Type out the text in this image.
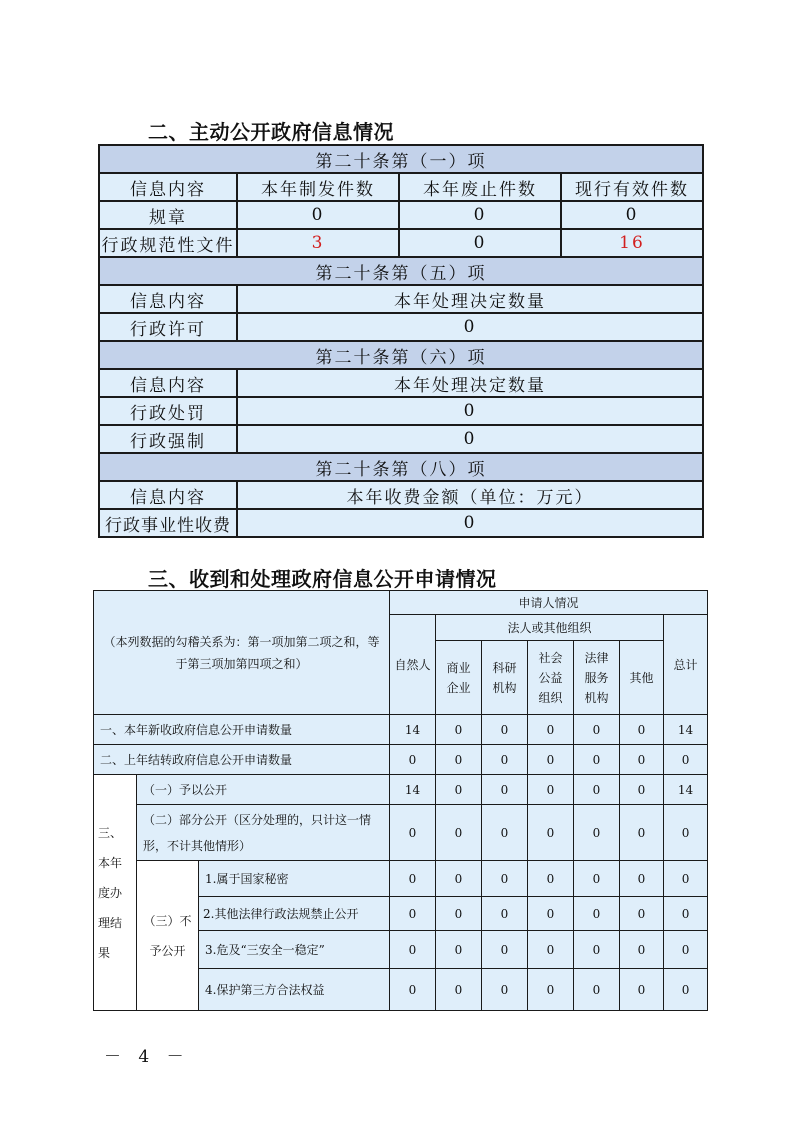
二、主动公开政府信息情况
第二十条第（一）项			
信息内容	本年制发件数	本年废止件数	现行有效件数
规章	0	0	0
行政规范性文件	3	0	16
第二十条第（五）项			
信息内容	本年处理决定数量		
行政许可	0		
第二十条第（六）项			
信息内容	本年处理决定数量		
行政处罚	0		
行政强制	0		
第二十条第（八）项			
信息内容	本年收费金额（单位：万元）		
行政事业性收费	0		
三、收到和处理政府信息公开申请情况
（本列数据的勾稽关系为：第一项加第二项之和，等于第三项加第四项之和）			申请人情况						
			自然人	法人或其他组织					总计
				商业企业	科研机构	社会公益组织	法律服务机构	其他	
一、本年新收政府信息公开申请数量			14	0	0	0	0	0	14
二、上年结转政府信息公开申请数量			0	0	0	0	0	0	0
三、本年度办理结果	（一）予以公开		14	0	0	0	0	0	14
	（二）部分公开（区分处理的，只计这一情形，不计其他情形）		0	0	0	0	0	0	0
	（三）不予公开	1.属于国家秘密	0	0	0	0	0	0	0
		2.其他法律行政法规禁止公开	0	0	0	0	0	0	0
		3.危及“三安全一稳定”	0	0	0	0	0	0	0
		4.保护第三方合法权益	0	0	0	0	0	0	0
－ 4 －
